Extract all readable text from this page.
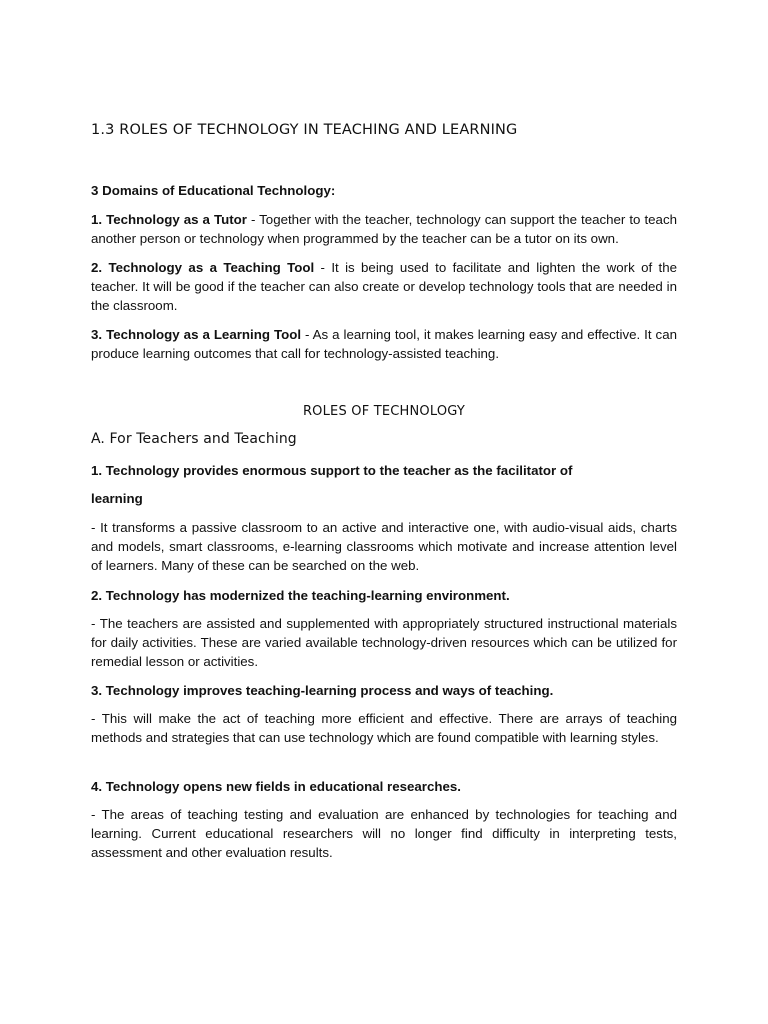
1.3 ROLES OF TECHNOLOGY IN TEACHING AND LEARNING
3 Domains of Educational Technology:

1. Technology as a Tutor - Together with the teacher, technology can support the teacher to teach another person or technology when programmed by the teacher can be a tutor on its own.

2. Technology as a Teaching Tool - It is being used to facilitate and lighten the work of the teacher. It will be good if the teacher can also create or develop technology tools that are needed in the classroom.

3. Technology as a Learning Tool - As a learning tool, it makes learning easy and effective. It can produce learning outcomes that call for technology-assisted teaching.

ROLES OF TECHNOLOGY
A. For Teachers and Teaching
1. Technology provides enormous support to the teacher as the facilitator of
learning

- It transforms a passive classroom to an active and interactive one, with audio-visual aids, charts and models, smart classrooms, e-learning classrooms which motivate and increase attention level of learners. Many of these can be searched on the web.

2. Technology has modernized the teaching-learning environment.

- The teachers are assisted and supplemented with appropriately structured instructional materials for daily activities. These are varied available technology-driven resources which can be utilized for remedial lesson or activities.

3. Technology improves teaching-learning process and ways of teaching.

- This will make the act of teaching more efficient and effective. There are arrays of teaching methods and strategies that can use technology which are found compatible with learning styles.

4. Technology opens new fields in educational researches.

- The areas of teaching testing and evaluation are enhanced by technologies for teaching and learning. Current educational researchers will no longer find difficulty in interpreting tests, assessment and other evaluation results.
